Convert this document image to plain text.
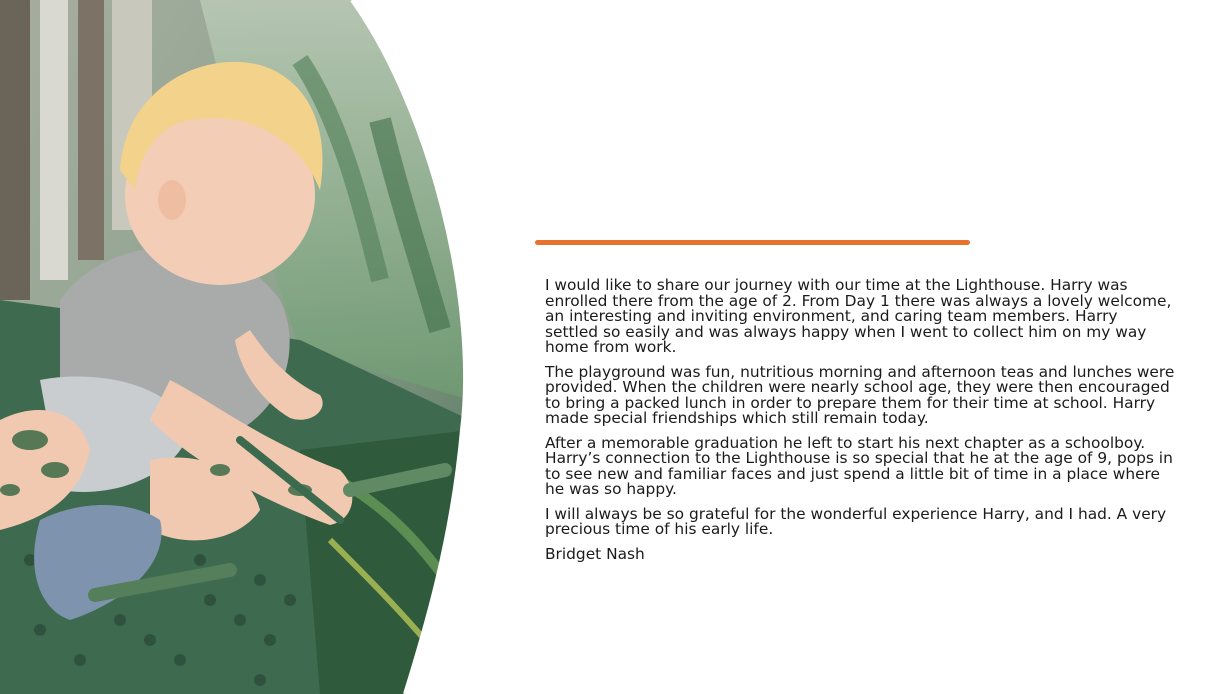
I would like to share our journey with our time at the Lighthouse. Harry was enrolled there from the age of 2. From Day 1 there was always a lovely welcome, an interesting and inviting environment, and caring team members. Harry settled so easily and was always happy when I went to collect him on my way home from work.

The playground was fun, nutritious morning and afternoon teas and lunches were provided. When the children were nearly school age, they were then encouraged to bring a packed lunch in order to prepare them for their time at school. Harry made special friendships which still remain today.

After a memorable graduation he left to start his next chapter as a schoolboy. Harry’s connection to the Lighthouse is so special that he at the age of 9, pops in to see new and familiar faces and just spend a little bit of time in a place where he was so happy.

I will always be so grateful for the wonderful experience Harry, and I had. A very precious time of his early life.

Bridget Nash
